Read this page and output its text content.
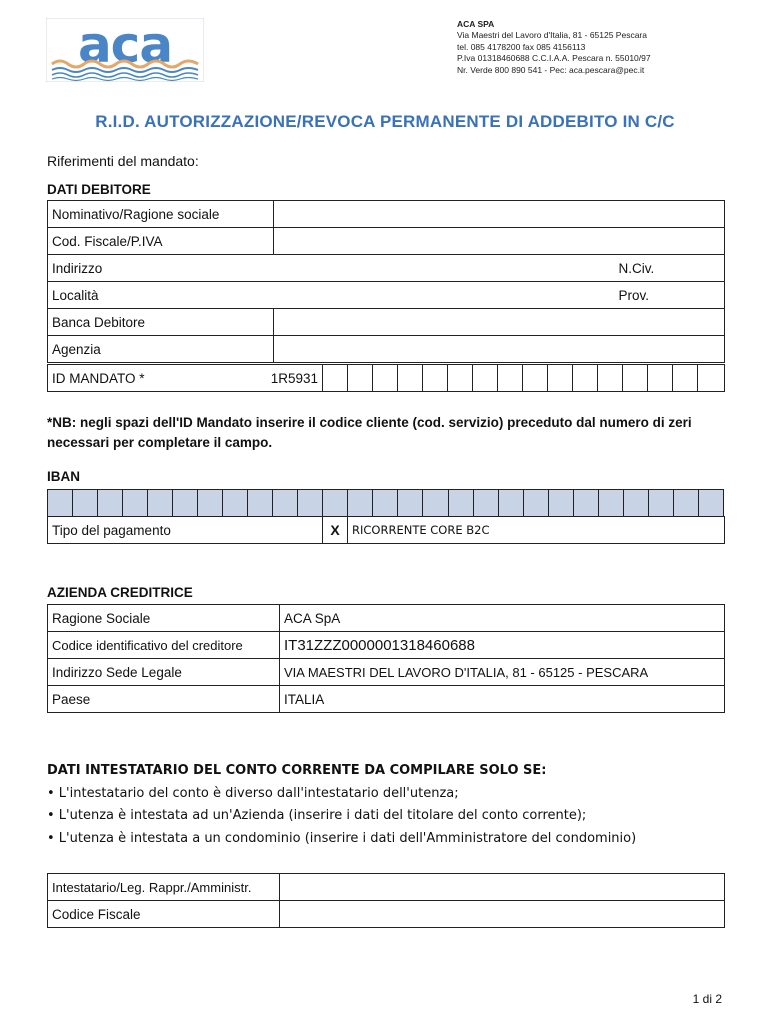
aca	ACA SPA
Via Maestri del Lavoro d'Italia, 81 - 65125 Pescara
tel. 085 4178200 fax 085 4156113
P.Iva 01318460688 C.C.I.A.A. Pescara n. 55010/97
Nr. Verde 800 890 541 - Pec: aca.pescara@pec.it
R.I.D. AUTORIZZAZIONE/REVOCA PERMANENTE DI ADDEBITO IN C/C
Riferimenti del mandato:
DATI DEBITORE
Nominativo/Ragione sociale		
Cod. Fiscale/P.IVA		
Indirizzo		N.Civ.
Località		Prov.
Banca Debitore		
Agenzia		
ID MANDATO *	1R5931

*NB: negli spazi dell'ID Mandato inserire il codice cliente (cod. servizio) preceduto dal numero di zeri necessari per completare il campo.
IBAN

Tipo del pagamento	X	RICORRENTE CORE B2C
AZIENDA CREDITRICE
Ragione Sociale	ACA SpA
Codice identificativo del creditore	IT31ZZZ0000001318460688
Indirizzo Sede Legale	VIA MAESTRI DEL LAVORO D'ITALIA, 81 - 65125 - PESCARA
Paese	ITALIA
DATI INTESTATARIO DEL CONTO CORRENTE DA COMPILARE SOLO SE:
• L'intestatario del conto è diverso dall'intestatario dell'utenza;
• L'utenza è intestata ad un'Azienda (inserire i dati del titolare del conto corrente);
• L'utenza è intestata a un condominio (inserire i dati dell'Amministratore del condominio)
Intestatario/Leg. Rappr./Amministr.	
Codice Fiscale	
1 di 2
